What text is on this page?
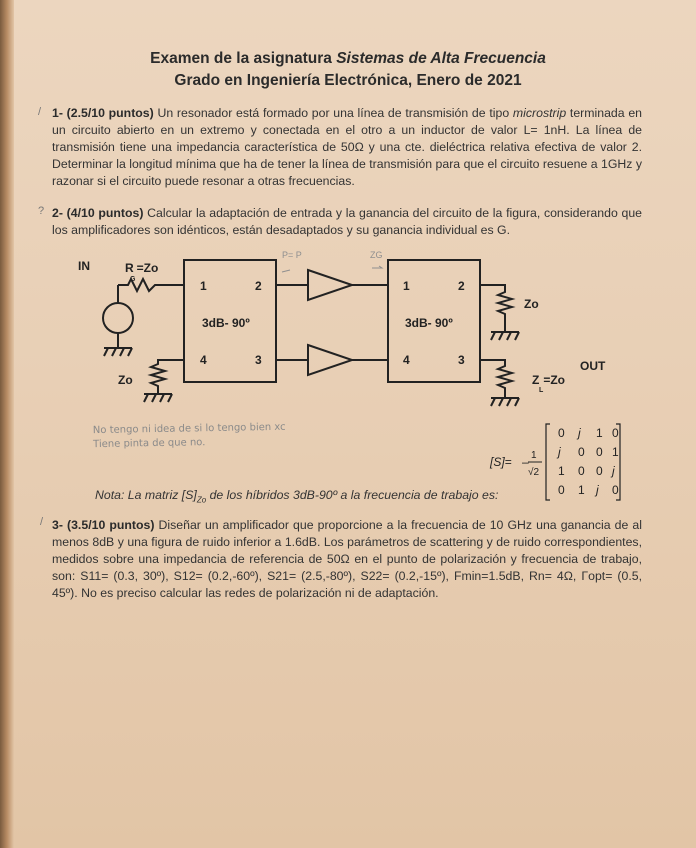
Examen de la asignatura Sistemas de Alta Frecuencia
Grado en Ingeniería Electrónica, Enero de 2021
/ 1- (2.5/10 puntos) Un resonador está formado por una línea de transmisión de tipo microstrip terminada en un circuito abierto en un extremo y conectada en el otro a un inductor de valor L= 1nH. La línea de transmisión tiene una impedancia característica de 50Ω y una cte. dieléctrica relativa efectiva de valor 2. Determinar la longitud mínima que ha de tener la línea de transmisión para que el circuito resuene a 1GHz y razonar si el circuito puede resonar a otras frecuencias.
? 2- (4/10 puntos) Calcular la adaptación de entrada y la ganancia del circuito de la figura, considerando que los amplificadores son idénticos, están desadaptados y su ganancia individual es G.
P= P	ZG
IN	R =Zo
G
Zo
Zo
OUT
Z =Zo
L
1	2
4	3
3dB- 90º
1	2
4	3
3dB- 90º
No tengo ni idea de si lo tengo bien xc
Tiene pinta de que no.
[S]= – 1
√2
0 j 1 0
j 0 0 1
1 0 0 j
0 1 j 0
Nota: La matriz $[S]_{Zo}$ de los híbridos 3dB-90º a la frecuencia de trabajo es:
/ 3- (3.5/10 puntos) Diseñar un amplificador que proporcione a la frecuencia de 10 GHz una ganancia de al menos 8dB y una figura de ruido inferior a 1.6dB. Los parámetros de scattering y de ruido correspondientes, medidos sobre una impedancia de referencia de 50Ω en el punto de polarización y frecuencia de trabajo, son: S11= (0.3, 30º), S12= (0.2,-60º), S21= (2.5,-80º), S22= (0.2,-15º), Fmin=1.5dB, Rn= 4Ω, Γopt= (0.5, 45º). No es preciso calcular las redes de polarización ni de adaptación.
